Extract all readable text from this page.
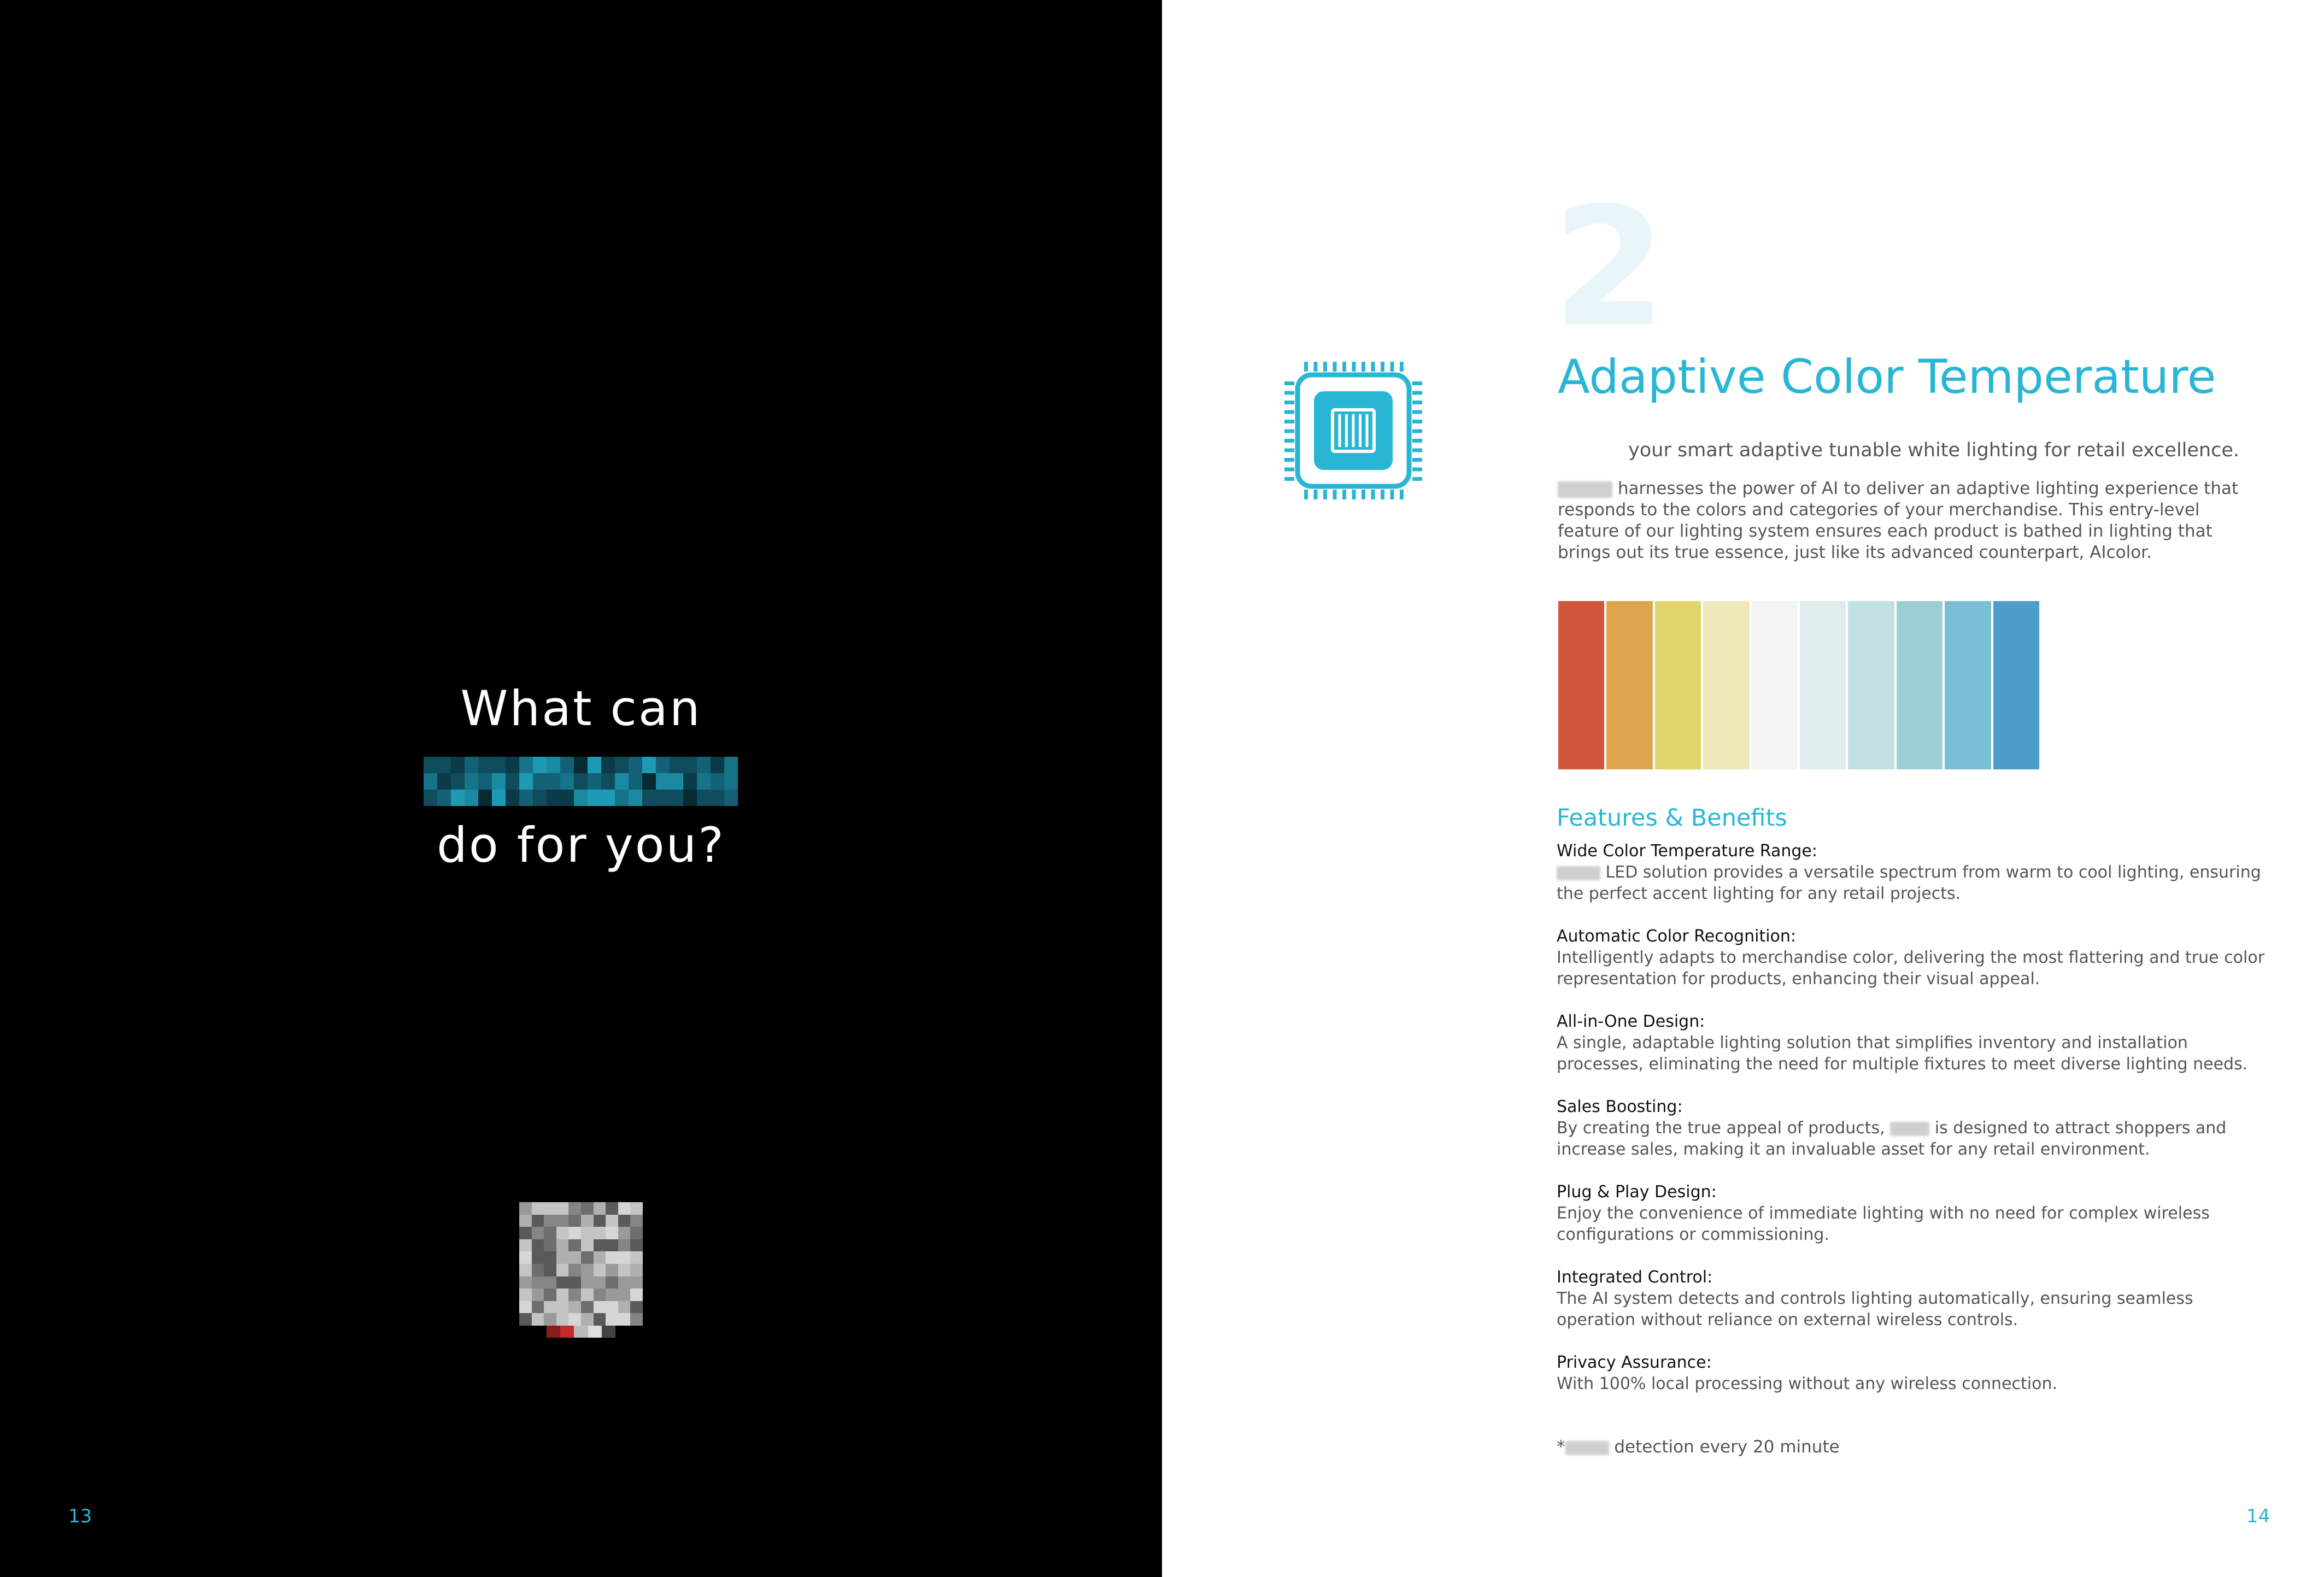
What can
do for you?
13
2
Adaptive Color Temperature
your smart adaptive tunable white lighting for retail excellence.
harnesses the power of AI to deliver an adaptive lighting experience that responds to the colors and categories of your merchandise. This entry-level feature of our lighting system ensures each product is bathed in lighting that brings out its true essence, just like its advanced counterpart, AIcolor.
Features & Benefits
Wide Color Temperature Range:
LED solution provides a versatile spectrum from warm to cool lighting, ensuring the perfect accent lighting for any retail projects.
Automatic Color Recognition:
Intelligently adapts to merchandise color, delivering the most flattering and true color representation for products, enhancing their visual appeal.
All-in-One Design:
A single, adaptable lighting solution that simplifies inventory and installation processes, eliminating the need for multiple fixtures to meet diverse lighting needs.
Sales Boosting:
By creating the true appeal of products,	is designed to attract shoppers and increase sales, making it an invaluable asset for any retail environment.
Plug & Play Design:
Enjoy the convenience of immediate lighting with no need for complex wireless configurations or commissioning.
Integrated Control:
The AI system detects and controls lighting automatically, ensuring seamless operation without reliance on external wireless controls.
Privacy Assurance:
With 100% local processing without any wireless connection.
*	detection every 20 minute
14
